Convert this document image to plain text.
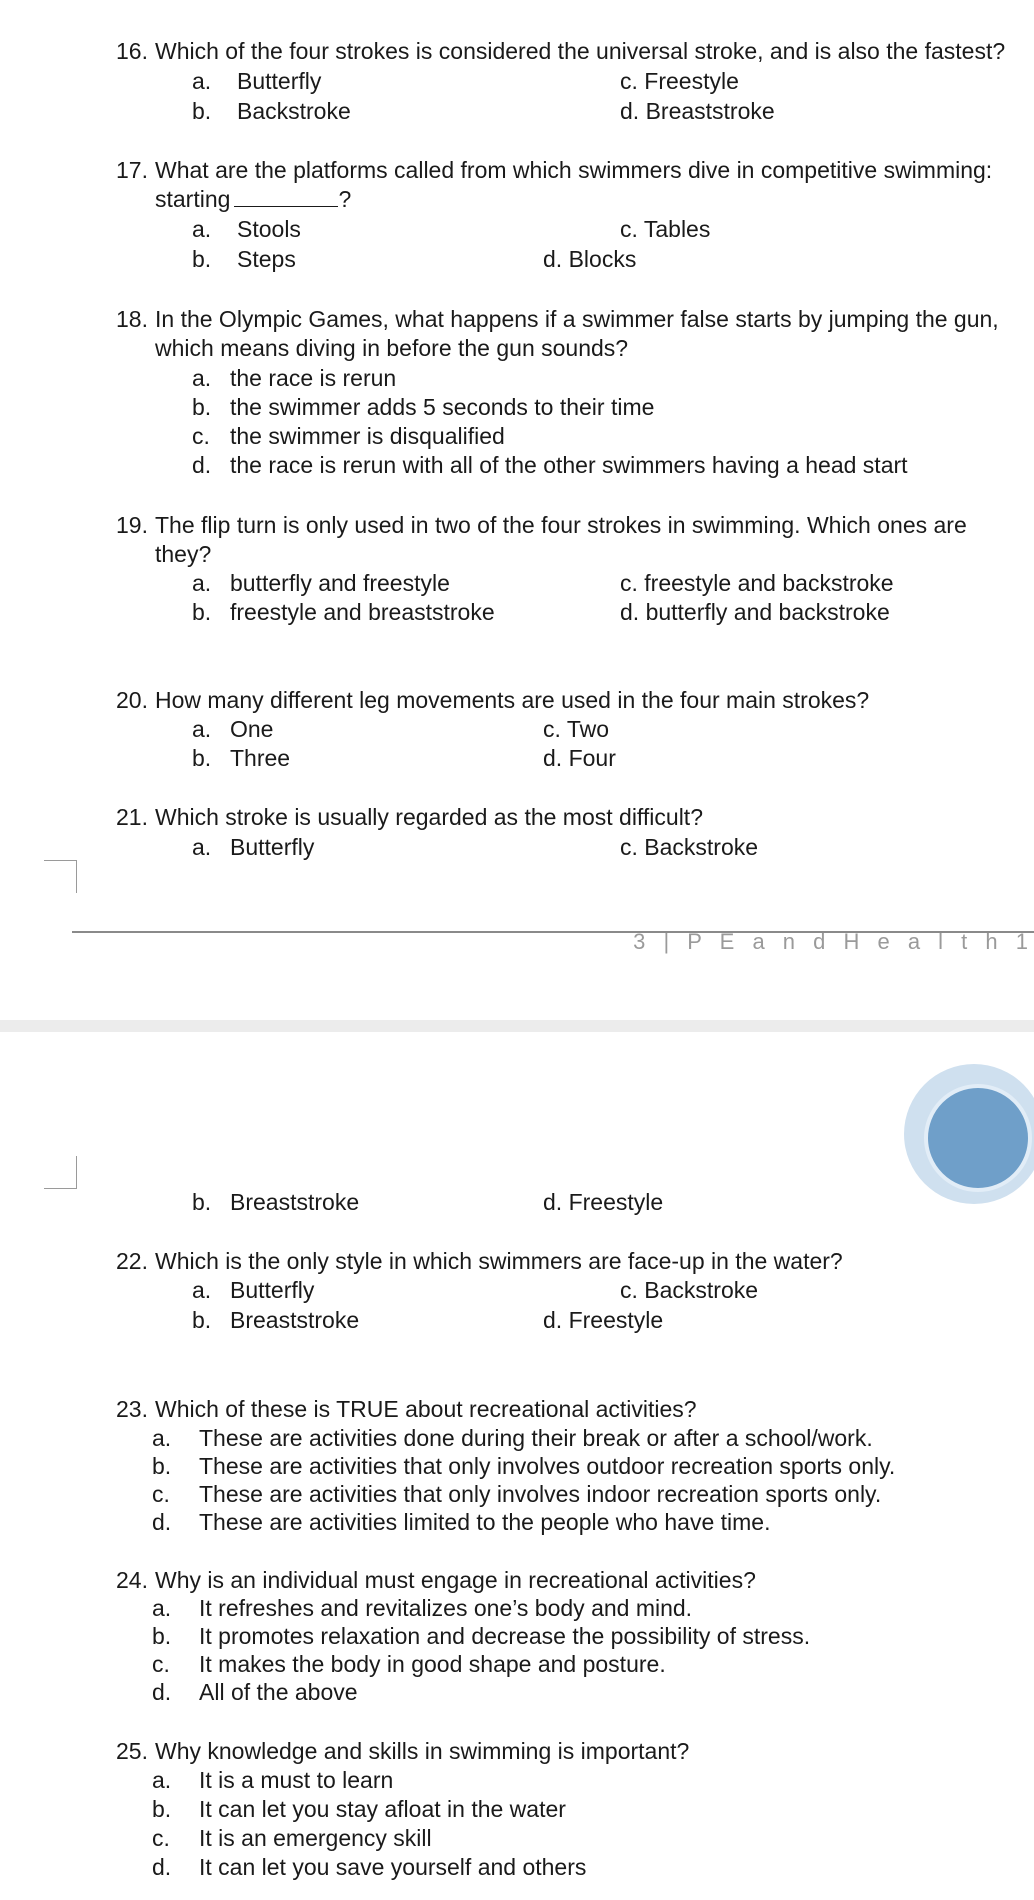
16. Which of the four strokes is considered the universal stroke, and is also the fastest?
a. Butterfly	c. Freestyle
b. Backstroke	d. Breaststroke
17. What are the platforms called from which swimmers dive in competitive swimming:
starting	?
a. Stools	c. Tables
b. Steps	d. Blocks
18. In the Olympic Games, what happens if a swimmer false starts by jumping the gun,
which means diving in before the gun sounds?
a. the race is rerun
b. the swimmer adds 5 seconds to their time
c. the swimmer is disqualified
d. the race is rerun with all of the other swimmers having a head start
19. The flip turn is only used in two of the four strokes in swimming. Which ones are
they?
a. butterfly and freestyle	c. freestyle and backstroke
b. freestyle and breaststroke	d. butterfly and backstroke
20. How many different leg movements are used in the four main strokes?
a. One	c. Two
b. Three	d. Four
21. Which stroke is usually regarded as the most difficult?
a. Butterfly	c. Backstroke
3 | P E a n d H e a l t h 1
b. Breaststroke	d. Freestyle
22. Which is the only style in which swimmers are face-up in the water?
a. Butterfly	c. Backstroke
b. Breaststroke	d. Freestyle
23. Which of these is TRUE about recreational activities?
a. These are activities done during their break or after a school/work.
b. These are activities that only involves outdoor recreation sports only.
c. These are activities that only involves indoor recreation sports only.
d. These are activities limited to the people who have time.
24. Why is an individual must engage in recreational activities?
a. It refreshes and revitalizes one’s body and mind.
b. It promotes relaxation and decrease the possibility of stress.
c. It makes the body in good shape and posture.
d. All of the above
25. Why knowledge and skills in swimming is important?
a. It is a must to learn
b. It can let you stay afloat in the water
c. It is an emergency skill
d. It can let you save yourself and others
